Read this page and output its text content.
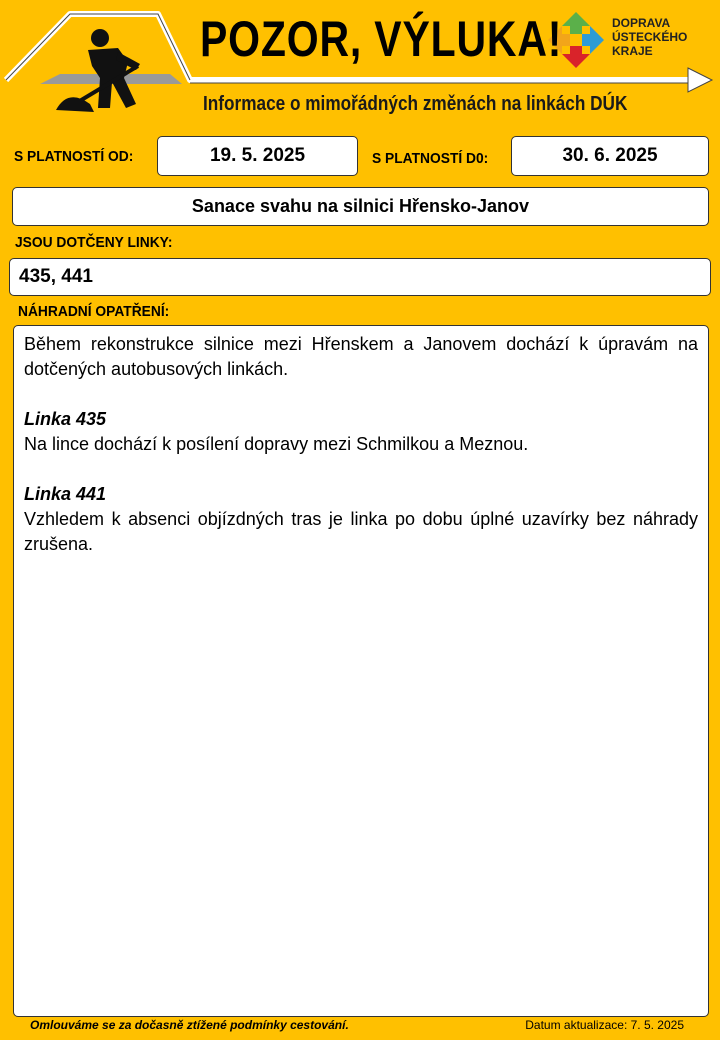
POZOR, VÝLUKA!
Informace o mimořádných změnách na linkách DÚK
DOPRAVA
ÚSTECKÉHO
KRAJE
S PLATNOSTÍ OD:	19. 5. 2025	S PLATNOSTÍ D0:	30. 6. 2025
Sanace svahu na silnici Hřensko-Janov
JSOU DOTČENY LINKY:
435, 441
NÁHRADNÍ OPATŘENÍ:

Během rekonstrukce silnice mezi Hřenskem a Janovem dochází k úpravám na dotčených autobusových linkách.

Linka 435

Na lince dochází k posílení dopravy mezi Schmilkou a Meznou.

Linka 441

Vzhledem k absenci objízdných tras je linka po dobu úplné uzavírky bez náhrady zrušena.

Omlouváme se za dočasně ztížené podmínky cestování.	Datum aktualizace: 7. 5. 2025
